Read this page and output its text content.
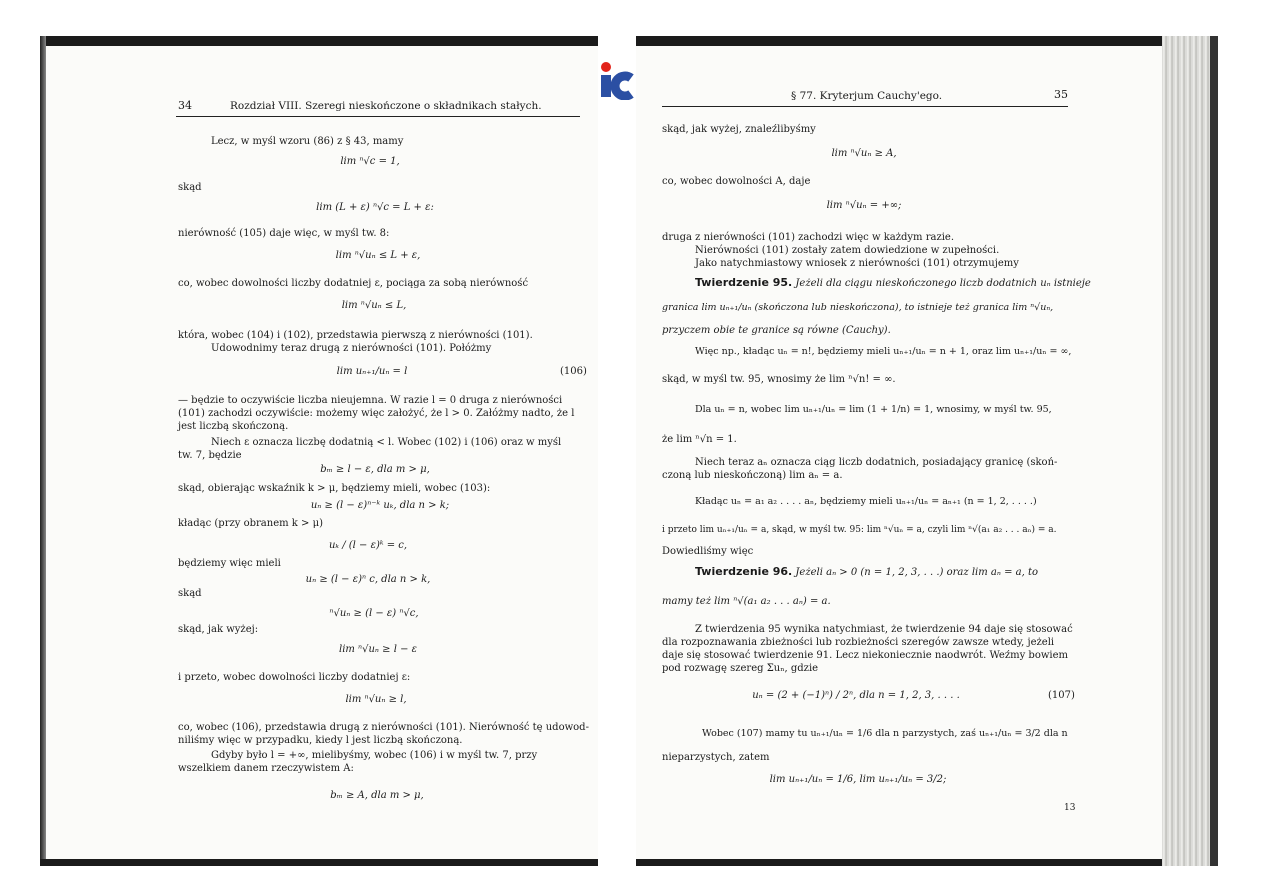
34	Rozdział VIII. Szeregi nieskończone o składnikach stałych.
Lecz, w myśl wzoru (86) z § 43, mamy
lim ⁿ√c = 1,
skąd
lim (L + ε) ⁿ√c = L + ε:
nierówność (105) daje więc, w myśl tw. 8:
lim ⁿ√uₙ ≤ L + ε,
co, wobec dowolności liczby dodatniej ε, pociąga za sobą nierówność
lim ⁿ√uₙ ≤ L,
która, wobec (104) i (102), przedstawia pierwszą z nierówności (101).
Udowodnimy teraz drugą z nierówności (101). Połóżmy
lim uₙ₊₁/uₙ = l	(106)
— będzie to oczywiście liczba nieujemna. W razie l = 0 druga z nierówności
(101) zachodzi oczywiście: możemy więc założyć, że l > 0. Załóżmy nadto, że l
jest liczbą skończoną.
Niech ε oznacza liczbę dodatnią < l. Wobec (102) i (106) oraz w myśl
tw. 7, będzie
bₘ ≥ l − ε, dla m > μ,
skąd, obierając wskaźnik k > μ, będziemy mieli, wobec (103):
uₙ ≥ (l − ε)ⁿ⁻ᵏ uₖ, dla n > k;
kładąc (przy obranem k > μ)
uₖ / (l − ε)ᵏ = c,
będziemy więc mieli
uₙ ≥ (l − ε)ⁿ c, dla n > k,
skąd
ⁿ√uₙ ≥ (l − ε) ⁿ√c,
skąd, jak wyżej:
lim ⁿ√uₙ ≥ l − ε
i przeto, wobec dowolności liczby dodatniej ε:
lim ⁿ√uₙ ≥ l,
co, wobec (106), przedstawia drugą z nierówności (101). Nierówność tę udowod-
niliśmy więc w przypadku, kiedy l jest liczbą skończoną.
Gdyby było l = +∞, mielibyśmy, wobec (106) i w myśl tw. 7, przy
wszelkiem danem rzeczywistem A:
bₘ ≥ A, dla m > μ,
§ 77. Kryterjum Cauchy'ego.	35
skąd, jak wyżej, znaleźlibyśmy
lim ⁿ√uₙ ≥ A,
co, wobec dowolności A, daje
lim ⁿ√uₙ = +∞;
druga z nierówności (101) zachodzi więc w każdym razie.
Nierówności (101) zostały zatem dowiedzione w zupełności.
Jako natychmiastowy wniosek z nierówności (101) otrzymujemy
Twierdzenie 95. Jeżeli dla ciągu nieskończonego liczb dodatnich uₙ istnieje
granica lim uₙ₊₁/uₙ (skończona lub nieskończona), to istnieje też granica lim ⁿ√uₙ,
przyczem obie te granice są równe (Cauchy).
Więc np., kładąc uₙ = n!, będziemy mieli uₙ₊₁/uₙ = n + 1, oraz lim uₙ₊₁/uₙ = ∞,
skąd, w myśl tw. 95, wnosimy że lim ⁿ√n! = ∞.
Dla uₙ = n, wobec lim uₙ₊₁/uₙ = lim (1 + 1/n) = 1, wnosimy, w myśl tw. 95,
że lim ⁿ√n = 1.
Niech teraz aₙ oznacza ciąg liczb dodatnich, posiadający granicę (skoń-
czoną lub nieskończoną) lim aₙ = a.
Kładąc uₙ = a₁ a₂ . . . . aₙ, będziemy mieli uₙ₊₁/uₙ = aₙ₊₁ (n = 1, 2, . . . .)
i przeto lim uₙ₊₁/uₙ = a, skąd, w myśl tw. 95: lim ⁿ√uₙ = a, czyli lim ⁿ√(a₁ a₂ . . . aₙ) = a.
Dowiedliśmy więc
Twierdzenie 96. Jeżeli aₙ > 0 (n = 1, 2, 3, . . .) oraz lim aₙ = a, to
mamy też lim ⁿ√(a₁ a₂ . . . aₙ) = a.
Z twierdzenia 95 wynika natychmiast, że twierdzenie 94 daje się stosować
dla rozpoznawania zbieżności lub rozbieżności szeregów zawsze wtedy, jeżeli
daje się stosować twierdzenie 91. Lecz niekoniecznie naodwrót. Weźmy bowiem
pod rozwagę szereg Σuₙ, gdzie
uₙ = (2 + (−1)ⁿ) / 2ⁿ, dla n = 1, 2, 3, . . . .	(107)
Wobec (107) mamy tu uₙ₊₁/uₙ = 1/6 dla n parzystych, zaś uₙ₊₁/uₙ = 3/2 dla n
nieparzystych, zatem
lim uₙ₊₁/uₙ = 1/6, lim uₙ₊₁/uₙ = 3/2;
13
